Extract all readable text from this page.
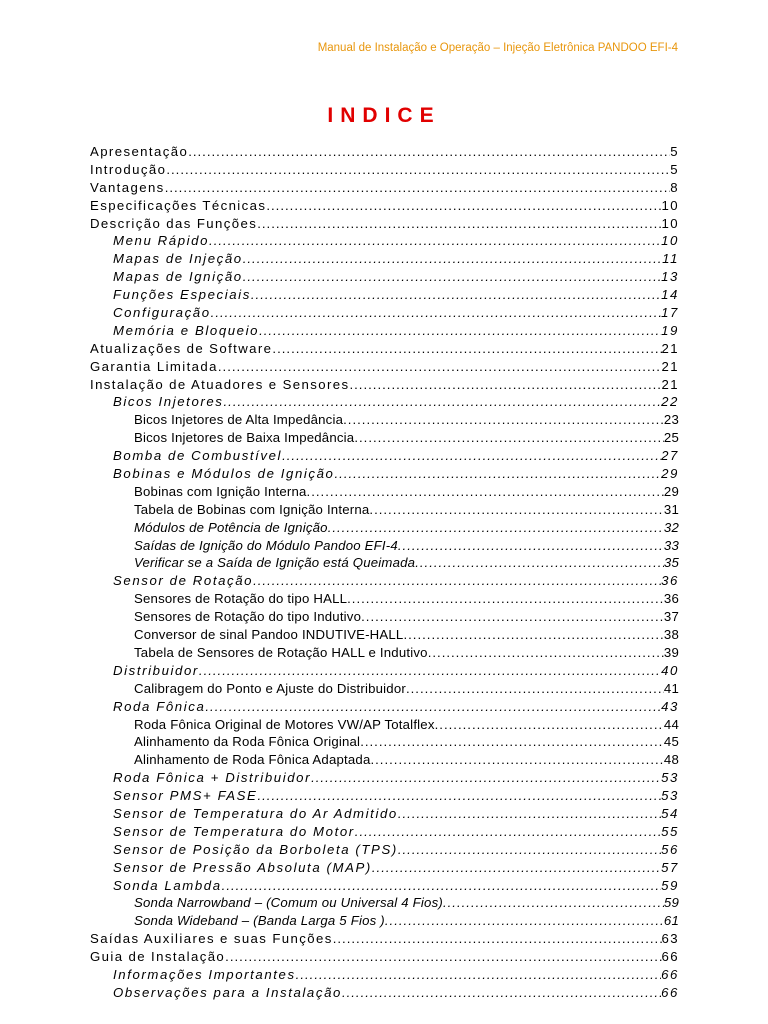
Manual de Instalação e Operação – Injeção Eletrônica PANDOO EFI-4
INDICE
Apresentação .....	5
Introdução .....	5
Vantagens .....	8
Especificações Técnicas .....	10
Descrição das Funções .....	10
Menu Rápido .....	10
Mapas de Injeção .....	11
Mapas de Ignição .....	13
Funções Especiais .....	14
Configuração .....	17
Memória e Bloqueio .....	19
Atualizações de Software .....	21
Garantia Limitada .....	21
Instalação de Atuadores e Sensores .....	21
Bicos Injetores .....	22
Bicos Injetores de Alta Impedância .....	23
Bicos Injetores de Baixa Impedância .....	25
Bomba de Combustível .....	27
Bobinas e Módulos de Ignição .....	29
Bobinas com Ignição Interna .....	29
Tabela de Bobinas com Ignição Interna .....	31
Módulos de Potência de Ignição .....	32
Saídas de Ignição do Módulo Pandoo EFI-4 .....	33
Verificar se a Saída de Ignição está Queimada .....	35
Sensor de Rotação .....	36
Sensores de Rotação do tipo HALL .....	36
Sensores de Rotação do tipo Indutivo .....	37
Conversor de sinal Pandoo INDUTIVE-HALL .....	38
Tabela de Sensores de Rotação HALL e Indutivo .....	39
Distribuidor .....	40
Calibragem do Ponto e Ajuste do Distribuidor .....	41
Roda Fônica .....	43
Roda Fônica Original de Motores VW/AP Totalflex .....	44
Alinhamento da Roda Fônica Original .....	45
Alinhamento de Roda Fônica Adaptada .....	48
Roda Fônica + Distribuidor .....	53
Sensor PMS+ FASE .....	53
Sensor de Temperatura do Ar Admitido .....	54
Sensor de Temperatura do Motor .....	55
Sensor de Posição da Borboleta (TPS) .....	56
Sensor de Pressão Absoluta (MAP) .....	57
Sonda Lambda .....	59
Sonda Narrowband – (Comum ou Universal 4 Fios) .....	59
Sonda Wideband – (Banda Larga 5 Fios ) .....	61
Saídas Auxiliares e suas Funções .....	63
Guia de Instalação .....	66
Informações Importantes .....	66
Observações para a Instalação .....	66
